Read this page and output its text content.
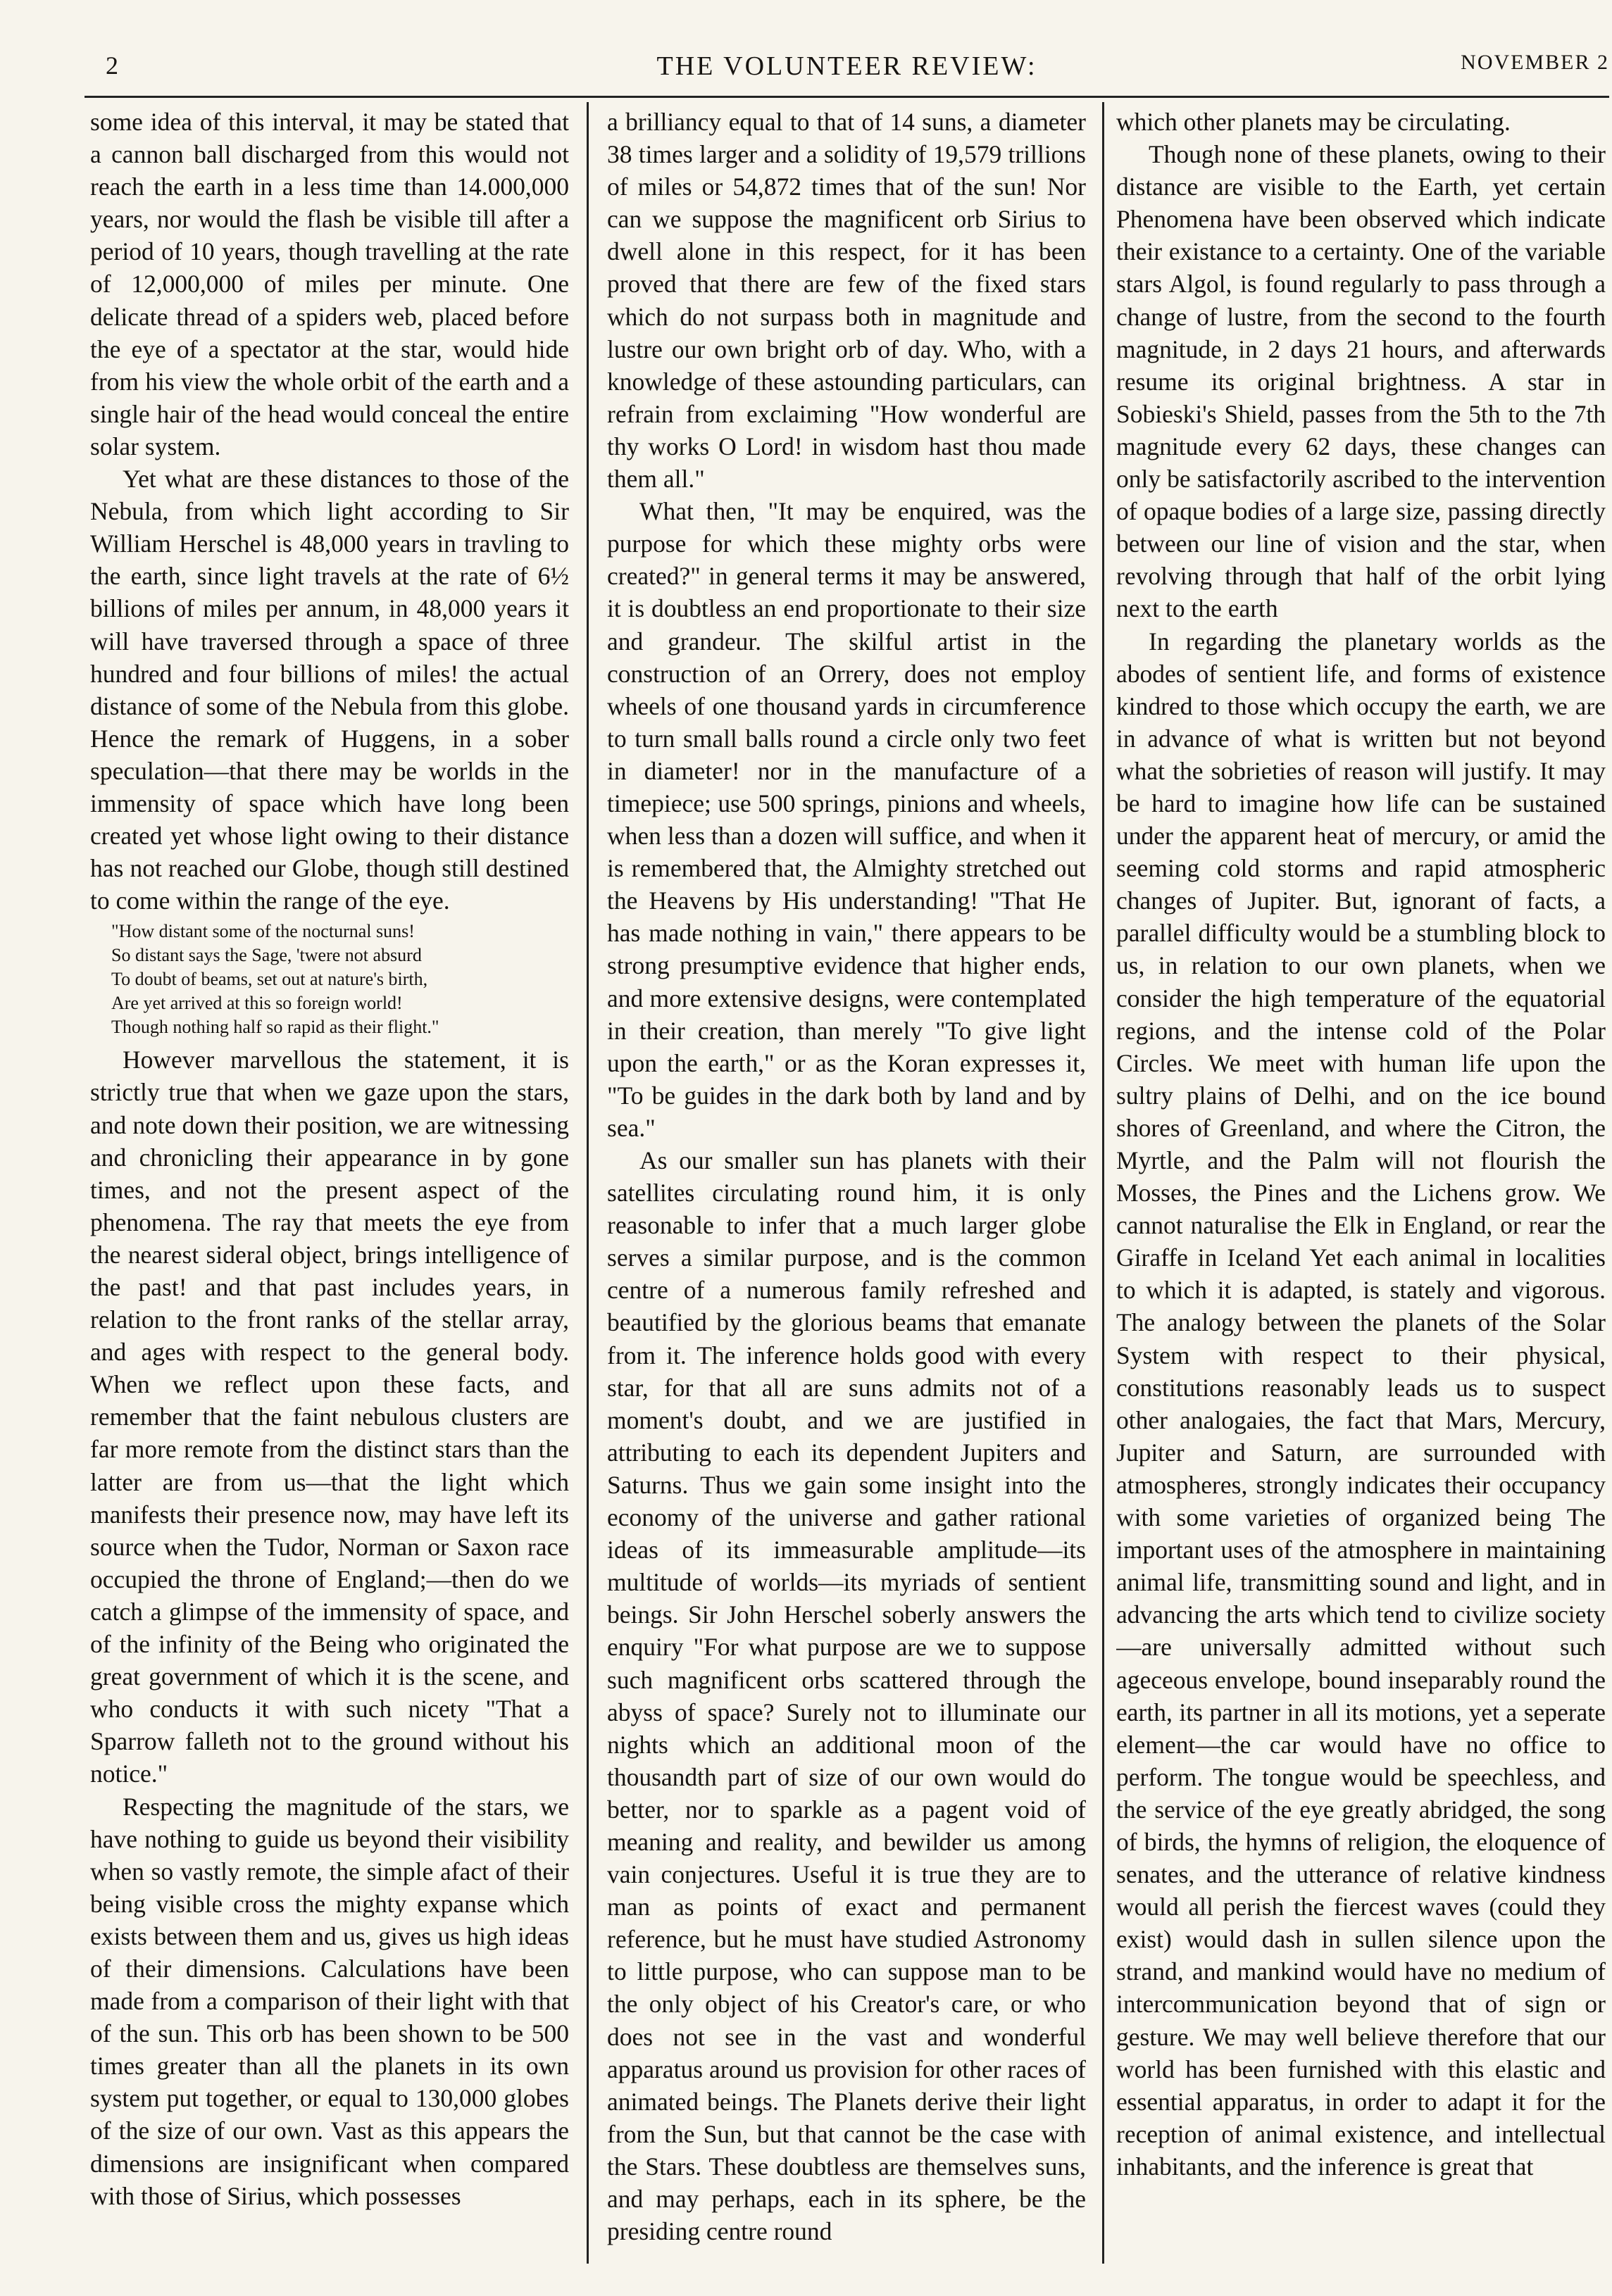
2	THE VOLUNTEER REVIEW:	NOVEMBER 2

some idea of this interval, it may be stated that a cannon ball discharged from this would not reach the earth in a less time than 14.000,000 years, nor would the flash be visible till after a period of 10 years, though travelling at the rate of 12,000,000 of miles per minute. One delicate thread of a spiders web, placed before the eye of a spectator at the star, would hide from his view the whole orbit of the earth and a single hair of the head would conceal the entire solar system.

Yet what are these distances to those of the Nebula, from which light according to Sir William Herschel is 48,000 years in travling to the earth, since light travels at the rate of 6½ billions of miles per annum, in 48,000 years it will have traversed through a space of three hundred and four billions of miles! the actual distance of some of the Nebula from this globe. Hence the remark of Huggens, in a sober speculation—that there may be worlds in the immensity of space which have long been created yet whose light owing to their distance has not reached our Globe, though still destined to come within the range of the eye.

"How distant some of the nocturnal suns!
So distant says the Sage, 'twere not absurd
To doubt of beams, set out at nature's birth,
Are yet arrived at this so foreign world!
Though nothing half so rapid as their flight."

However marvellous the statement, it is strictly true that when we gaze upon the stars, and note down their position, we are witnessing and chronicling their appearance in by gone times, and not the present aspect of the phenomena. The ray that meets the eye from the nearest sideral object, brings intelligence of the past! and that past includes years, in relation to the front ranks of the stellar array, and ages with respect to the general body. When we reflect upon these facts, and remember that the faint nebulous clusters are far more remote from the distinct stars than the latter are from us—that the light which manifests their presence now, may have left its source when the Tudor, Norman or Saxon race occupied the throne of England;—then do we catch a glimpse of the immensity of space, and of the infinity of the Being who originated the great government of which it is the scene, and who conducts it with such nicety "That a Sparrow falleth not to the ground without his notice."

Respecting the magnitude of the stars, we have nothing to guide us beyond their visibility when so vastly remote, the simple afact of their being visible cross the mighty expanse which exists between them and us, gives us high ideas of their dimensions. Calculations have been made from a comparison of their light with that of the sun. This orb has been shown to be 500 times greater than all the planets in its own system put together, or equal to 130,000 globes of the size of our own. Vast as this appears the dimensions are insignificant when compared with those of Sirius, which possesses

a brilliancy equal to that of 14 suns, a diameter 38 times larger and a solidity of 19,579 trillions of miles or 54,872 times that of the sun! Nor can we suppose the magnificent orb Sirius to dwell alone in this respect, for it has been proved that there are few of the fixed stars which do not surpass both in magnitude and lustre our own bright orb of day. Who, with a knowledge of these astounding particulars, can refrain from exclaiming "How wonderful are thy works O Lord! in wisdom hast thou made them all."

What then, "It may be enquired, was the purpose for which these mighty orbs were created?" in general terms it may be answered, it is doubtless an end proportionate to their size and grandeur. The skilful artist in the construction of an Orrery, does not employ wheels of one thousand yards in circumference to turn small balls round a circle only two feet in diameter! nor in the manufacture of a timepiece; use 500 springs, pinions and wheels, when less than a dozen will suffice, and when it is remembered that, the Almighty stretched out the Heavens by His understanding! "That He has made nothing in vain," there appears to be strong presumptive evidence that higher ends, and more extensive designs, were contemplated in their creation, than merely "To give light upon the earth," or as the Koran expresses it, "To be guides in the dark both by land and by sea."

As our smaller sun has planets with their satellites circulating round him, it is only reasonable to infer that a much larger globe serves a similar purpose, and is the common centre of a numerous family refreshed and beautified by the glorious beams that emanate from it. The inference holds good with every star, for that all are suns admits not of a moment's doubt, and we are justified in attributing to each its dependent Jupiters and Saturns. Thus we gain some insight into the economy of the universe and gather rational ideas of its immeasurable amplitude—its multitude of worlds—its myriads of sentient beings. Sir John Herschel soberly answers the enquiry "For what purpose are we to suppose such magnificent orbs scattered through the abyss of space? Surely not to illuminate our nights which an additional moon of the thousandth part of size of our own would do better, nor to sparkle as a pagent void of meaning and reality, and bewilder us among vain conjectures. Useful it is true they are to man as points of exact and permanent reference, but he must have studied Astronomy to little purpose, who can suppose man to be the only object of his Creator's care, or who does not see in the vast and wonderful apparatus around us provision for other races of animated beings. The Planets derive their light from the Sun, but that cannot be the case with the Stars. These doubtless are themselves suns, and may perhaps, each in its sphere, be the presiding centre round

which other planets may be circulating.

Though none of these planets, owing to their distance are visible to the Earth, yet certain Phenomena have been observed which indicate their existance to a certainty. One of the variable stars Algol, is found regularly to pass through a change of lustre, from the second to the fourth magnitude, in 2 days 21 hours, and afterwards resume its original brightness. A star in Sobieski's Shield, passes from the 5th to the 7th magnitude every 62 days, these changes can only be satisfactorily ascribed to the intervention of opaque bodies of a large size, passing directly between our line of vision and the star, when revolving through that half of the orbit lying next to the earth

In regarding the planetary worlds as the abodes of sentient life, and forms of existence kindred to those which occupy the earth, we are in advance of what is written but not beyond what the sobrieties of reason will justify. It may be hard to imagine how life can be sustained under the apparent heat of mercury, or amid the seeming cold storms and rapid atmospheric changes of Jupiter. But, ignorant of facts, a parallel difficulty would be a stumbling block to us, in relation to our own planets, when we consider the high temperature of the equatorial regions, and the intense cold of the Polar Circles. We meet with human life upon the sultry plains of Delhi, and on the ice bound shores of Greenland, and where the Citron, the Myrtle, and the Palm will not flourish the Mosses, the Pines and the Lichens grow. We cannot naturalise the Elk in England, or rear the Giraffe in Iceland Yet each animal in localities to which it is adapted, is stately and vigorous. The analogy between the planets of the Solar System with respect to their physical, constitutions reasonably leads us to suspect other analogaies, the fact that Mars, Mercury, Jupiter and Saturn, are surrounded with atmospheres, strongly indicates their occupancy with some varieties of organized being The important uses of the atmosphere in maintaining animal life, transmitting sound and light, and in advancing the arts which tend to civilize society—are universally admitted without such ageceous envelope, bound inseparably round the earth, its partner in all its motions, yet a seperate element—the car would have no office to perform. The tongue would be speechless, and the service of the eye greatly abridged, the song of birds, the hymns of religion, the eloquence of senates, and the utterance of relative kindness would all perish the fiercest waves (could they exist) would dash in sullen silence upon the strand, and mankind would have no medium of intercommunication beyond that of sign or gesture. We may well believe therefore that our world has been furnished with this elastic and essential apparatus, in order to adapt it for the reception of animal existence, and intellectual inhabitants, and the inference is great that
